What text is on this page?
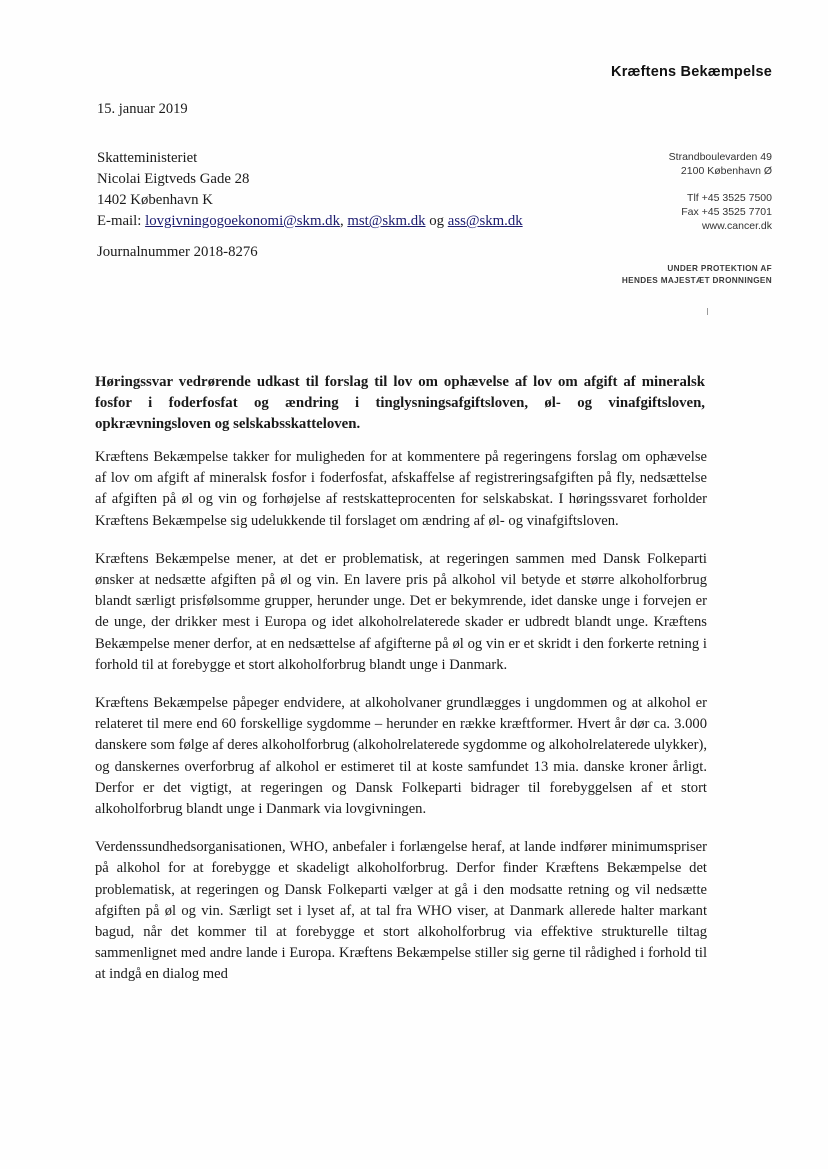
Kræftens Bekæmpelse
15. januar 2019
Skatteministeriet
Nicolai Eigtveds Gade 28
1402 København K
E-mail: lovgivningogoekonomi@skm.dk, mst@skm.dk og ass@skm.dk
Journalnummer 2018-8276
Strandboulevarden 49
2100 København Ø
Tlf +45 3525 7500
Fax +45 3525 7701
www.cancer.dk
UNDER PROTEKTION AF
HENDES MAJESTÆT DRONNINGEN
Høringssvar vedrørende udkast til forslag til lov om ophævelse af lov om afgift af mineralsk fosfor i foderfosfat og ændring i tinglysningsafgiftsloven, øl- og vinafgiftsloven, opkrævningsloven og selskabsskatteloven.

Kræftens Bekæmpelse takker for muligheden for at kommentere på regeringens forslag om ophævelse af lov om afgift af mineralsk fosfor i foderfosfat, afskaffelse af registreringsafgiften på fly, nedsættelse af afgiften på øl og vin og forhøjelse af restskatteprocenten for selskabskat. I høringssvaret forholder Kræftens Bekæmpelse sig udelukkende til forslaget om ændring af øl- og vinafgiftsloven.

Kræftens Bekæmpelse mener, at det er problematisk, at regeringen sammen med Dansk Folkeparti ønsker at nedsætte afgiften på øl og vin. En lavere pris på alkohol vil betyde et større alkoholforbrug blandt særligt prisfølsomme grupper, herunder unge. Det er bekymrende, idet danske unge i forvejen er de unge, der drikker mest i Europa og idet alkoholrelaterede skader er udbredt blandt unge. Kræftens Bekæmpelse mener derfor, at en nedsættelse af afgifterne på øl og vin er et skridt i den forkerte retning i forhold til at forebygge et stort alkoholforbrug blandt unge i Danmark.

Kræftens Bekæmpelse påpeger endvidere, at alkoholvaner grundlægges i ungdommen og at alkohol er relateret til mere end 60 forskellige sygdomme – herunder en række kræftformer. Hvert år dør ca. 3.000 danskere som følge af deres alkoholforbrug (alkoholrelaterede sygdomme og alkoholrelaterede ulykker), og danskernes overforbrug af alkohol er estimeret til at koste samfundet 13 mia. danske kroner årligt. Derfor er det vigtigt, at regeringen og Dansk Folkeparti bidrager til forebyggelsen af et stort alkoholforbrug blandt unge i Danmark via lovgivningen.

Verdenssundhedsorganisationen, WHO, anbefaler i forlængelse heraf, at lande indfører minimumspriser på alkohol for at forebygge et skadeligt alkoholforbrug. Derfor finder Kræftens Bekæmpelse det problematisk, at regeringen og Dansk Folkeparti vælger at gå i den modsatte retning og vil nedsætte afgiften på øl og vin. Særligt set i lyset af, at tal fra WHO viser, at Danmark allerede halter markant bagud, når det kommer til at forebygge et stort alkoholforbrug via effektive strukturelle tiltag sammenlignet med andre lande i Europa. Kræftens Bekæmpelse stiller sig gerne til rådighed i forhold til at indgå en dialog med
